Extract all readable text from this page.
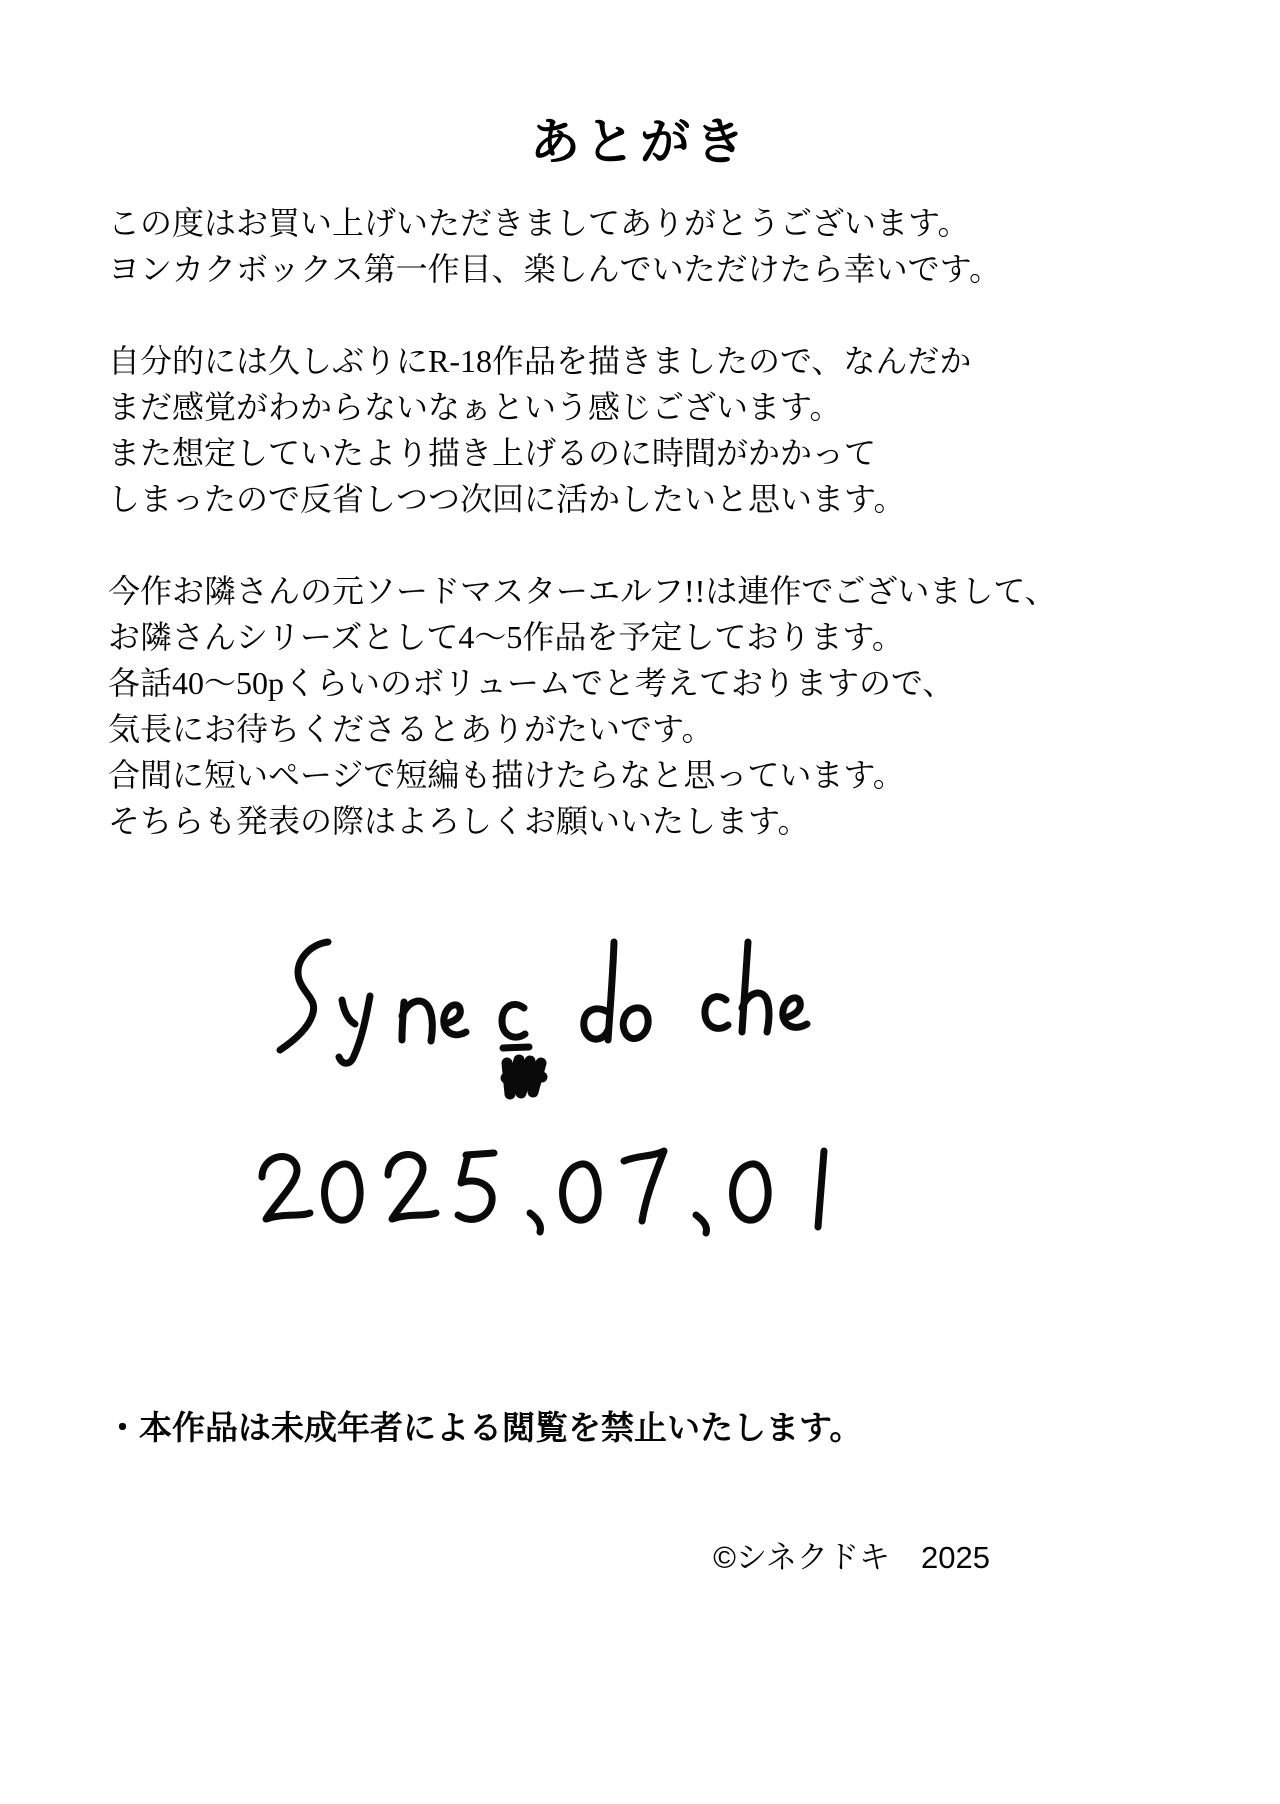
あとがき
この度はお買い上げいただきましてありがとうございます。
ヨンカクボックス第一作目、楽しんでいただけたら幸いです。
自分的には久しぶりにR-18作品を描きましたので、なんだか
まだ感覚がわからないなぁという感じございます。
また想定していたより描き上げるのに時間がかかって
しまったので反省しつつ次回に活かしたいと思います。
今作お隣さんの元ソードマスターエルフ!!は連作でございまして、
お隣さんシリーズとして4〜5作品を予定しております。
各話40〜50pくらいのボリュームでと考えておりますので、
気長にお待ちくださるとありがたいです。
合間に短いページで短編も描けたらなと思っています。
そちらも発表の際はよろしくお願いいたします。
・本作品は未成年者による閲覧を禁止いたします。
©シネクドキ　2025
